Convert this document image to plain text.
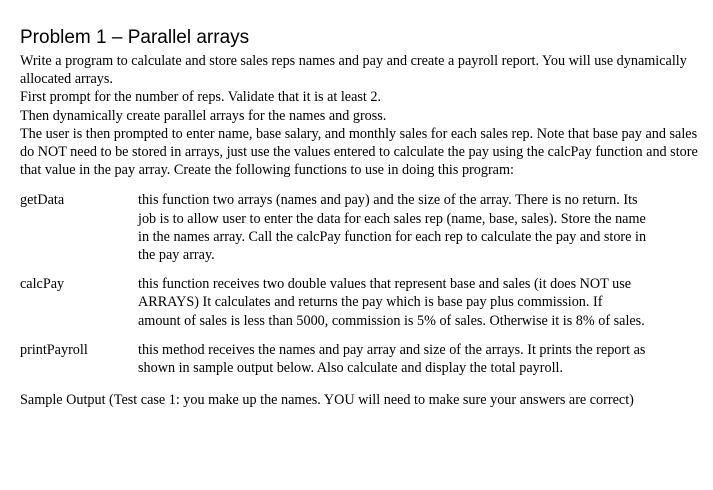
Problem 1 – Parallel arrays

Write a program to calculate and store sales reps names and pay and create a payroll report. You will use dynamically allocated arrays.

First prompt for the number of reps. Validate that it is at least 2.

Then dynamically create parallel arrays for the names and gross.

The user is then prompted to enter name, base salary, and monthly sales for each sales rep. Note that base pay and sales do NOT need to be stored in arrays, just use the values entered to calculate the pay using the calcPay function and store that value in the pay array. Create the following functions to use in doing this program:

getData	this function two arrays (names and pay) and the size of the array. There is no return. Its job is to allow user to enter the data for each sales rep (name, base, sales). Store the name in the names array. Call the calcPay function for each rep to calculate the pay and store in the pay array.
calcPay	this function receives two double values that represent base and sales (it does NOT use ARRAYS) It calculates and returns the pay which is base pay plus commission. If amount of sales is less than 5000, commission is 5% of sales. Otherwise it is 8% of sales.
printPayroll	this method receives the names and pay array and size of the arrays. It prints the report as shown in sample output below. Also calculate and display the total payroll.

Sample Output (Test case 1: you make up the names. YOU will need to make sure your answers are correct)
